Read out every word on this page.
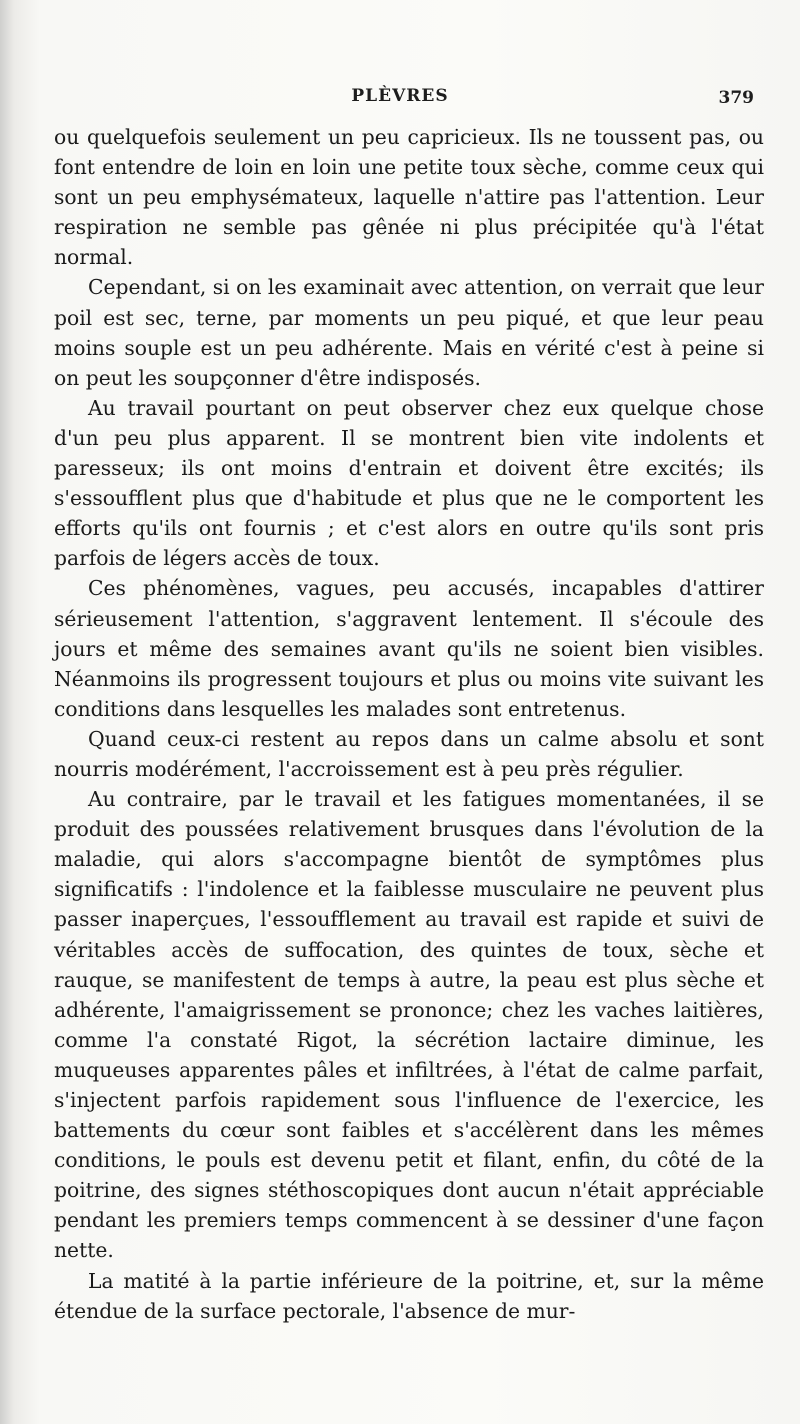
PLÈVRES	379

ou quelquefois seulement un peu capricieux. Ils ne toussent pas, ou font entendre de loin en loin une petite toux sèche, comme ceux qui sont un peu emphysémateux, laquelle n'attire pas l'attention. Leur respiration ne semble pas gênée ni plus précipitée qu'à l'état normal.

Cependant, si on les examinait avec attention, on verrait que leur poil est sec, terne, par moments un peu piqué, et que leur peau moins souple est un peu adhérente. Mais en vérité c'est à peine si on peut les soupçonner d'être indisposés.

Au travail pourtant on peut observer chez eux quelque chose d'un peu plus apparent. Il se montrent bien vite indolents et paresseux; ils ont moins d'entrain et doivent être excités; ils s'essoufflent plus que d'habitude et plus que ne le comportent les efforts qu'ils ont fournis ; et c'est alors en outre qu'ils sont pris parfois de légers accès de toux.

Ces phénomènes, vagues, peu accusés, incapables d'attirer sérieusement l'attention, s'aggravent lentement. Il s'écoule des jours et même des semaines avant qu'ils ne soient bien visibles. Néanmoins ils progressent toujours et plus ou moins vite suivant les conditions dans lesquelles les malades sont entretenus.

Quand ceux-ci restent au repos dans un calme absolu et sont nourris modérément, l'accroissement est à peu près régulier.

Au contraire, par le travail et les fatigues momentanées, il se produit des poussées relativement brusques dans l'évolution de la maladie, qui alors s'accompagne bientôt de symptômes plus significatifs : l'indolence et la faiblesse musculaire ne peuvent plus passer inaperçues, l'essoufflement au travail est rapide et suivi de véritables accès de suffocation, des quintes de toux, sèche et rauque, se manifestent de temps à autre, la peau est plus sèche et adhérente, l'amaigrissement se prononce; chez les vaches laitières, comme l'a constaté Rigot, la sécrétion lactaire diminue, les muqueuses apparentes pâles et infiltrées, à l'état de calme parfait, s'injectent parfois rapidement sous l'influence de l'exercice, les battements du cœur sont faibles et s'accélèrent dans les mêmes conditions, le pouls est devenu petit et filant, enfin, du côté de la poitrine, des signes stéthoscopiques dont aucun n'était appréciable pendant les premiers temps commencent à se dessiner d'une façon nette.

La matité à la partie inférieure de la poitrine, et, sur la même étendue de la surface pectorale, l'absence de mur-
